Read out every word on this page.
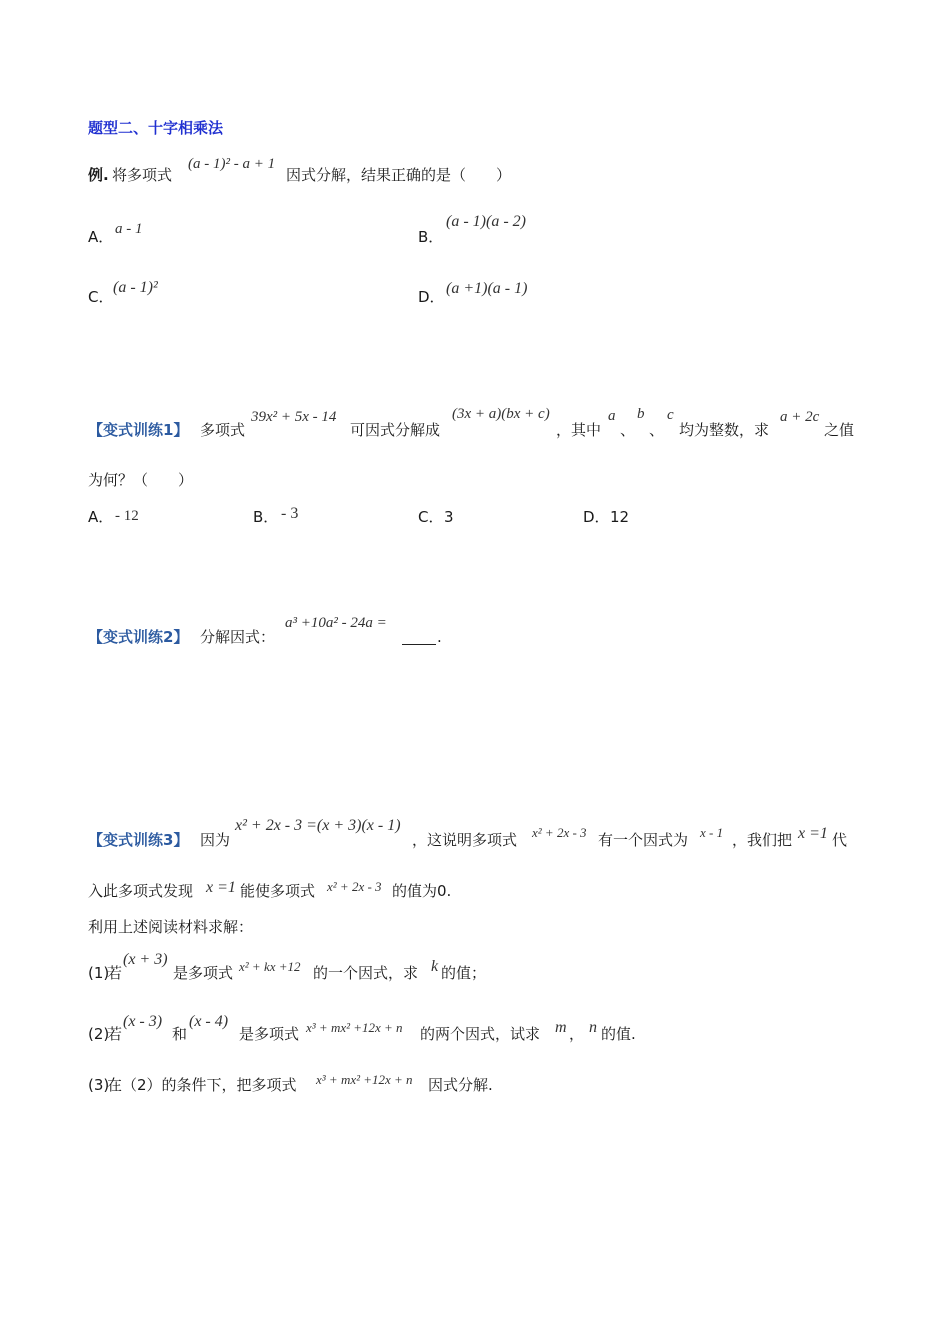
题型二、十字相乘法
例. 将多项式
(a - 1)² - a + 1
因式分解，结果正确的是（　　）
A． a - 1	B．
(a - 1)(a - 2)
C．
(a - 1)²
D． (a +1)(a - 1)
【变式训练1】 多项式
39x² + 5x - 14
可因式分解成
(3x + a)(bx + c)
，其中
a
、
b
、
c
均为整数，求
a + 2c
之值
为何？（　　）
A． - 12	B． - 3	C． 3	D． 12
【变式训练2】 分解因式：
a³ +10a² - 24a =
.
【变式训练3】 因为
x² + 2x - 3 =(x + 3)(x - 1)
，这说明多项式 x² + 2x - 3 有一个因式为 x - 1 ，我们把 x =1 代
入此多项式发现 x =1 能使多项式 x² + 2x - 3 的值为0.
利用上述阅读材料求解：
(1)
若
(x + 3)
是多项式 x² + kx +12 的一个因式，求 k 的值；
(2)
若
(x - 3)
和
(x - 4)
是多项式 x³ + mx² +12x + n 的两个因式，试求 m ， n 的值.
(3)
在（2）的条件下，把多项式 x³ + mx² +12x + n 因式分解.
